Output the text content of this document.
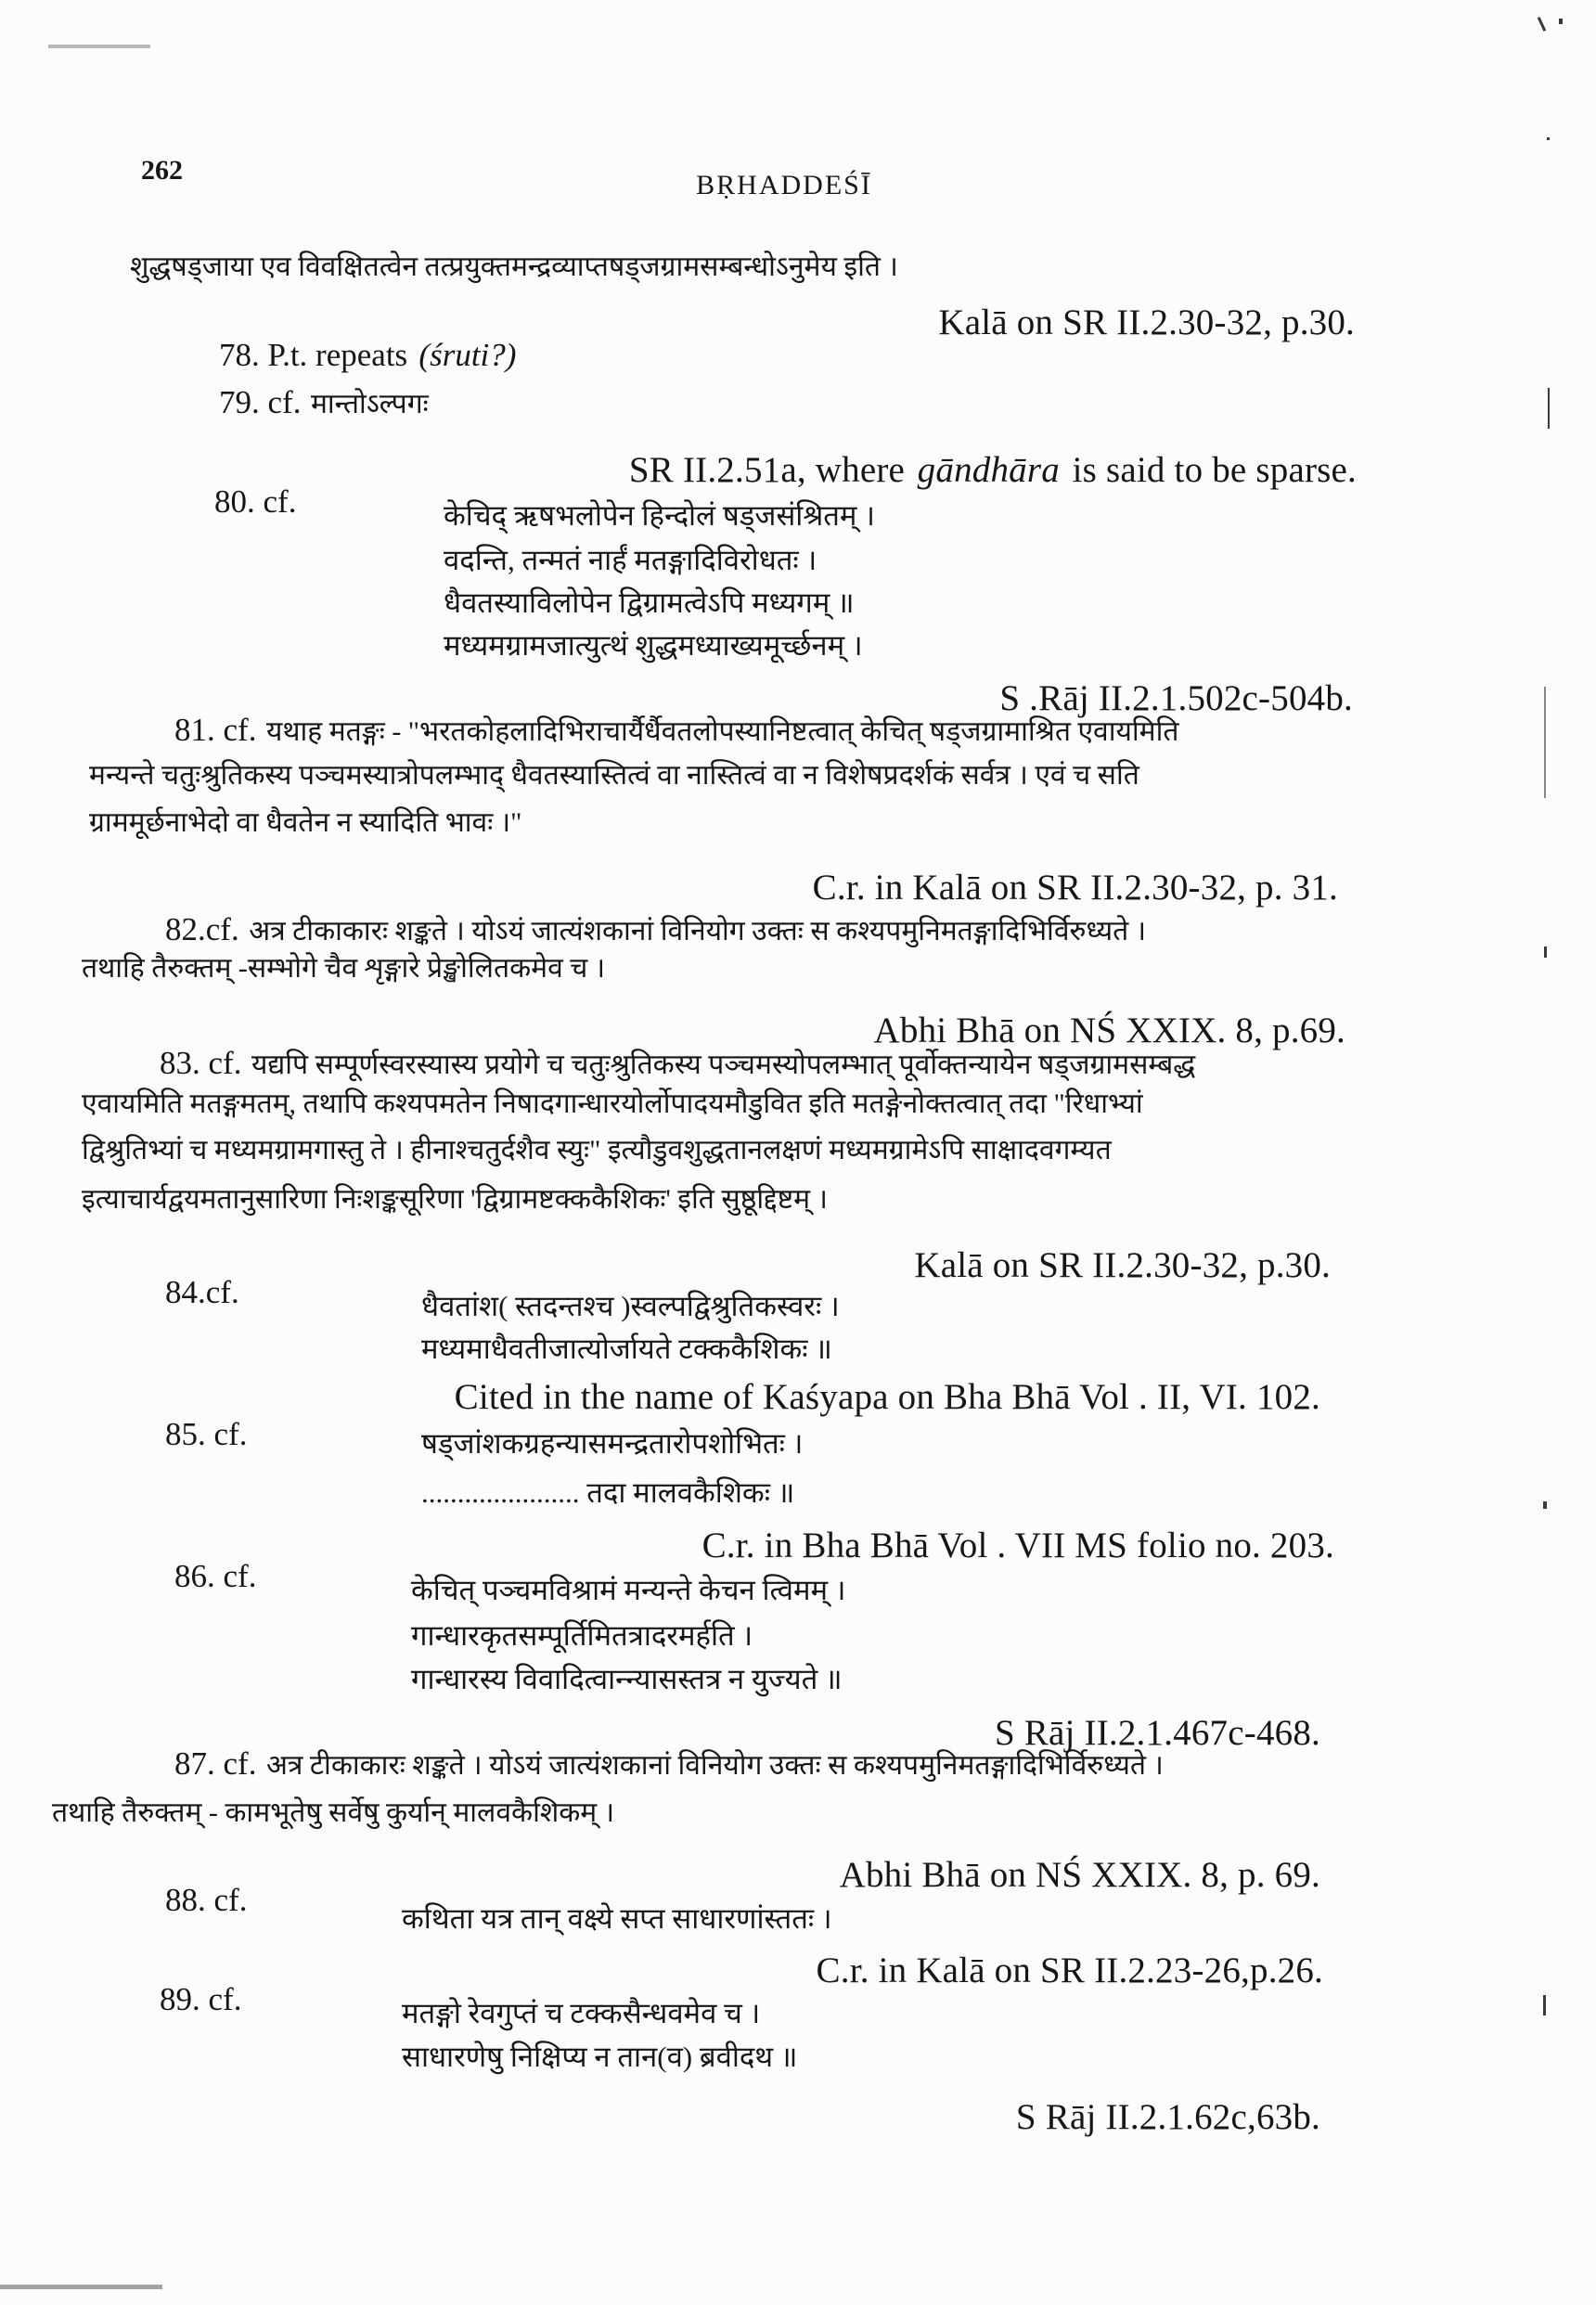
262	BṚHADDEŚĪ
शुद्धषड्जाया एव विवक्षितत्वेन तत्प्रयुक्तमन्द्रव्याप्तषड्जग्रामसम्बन्धोऽनुमेय इति ।
Kalā on SR II.2.30-32, p.30.
78. P.t. repeats (śruti?)
79. cf. मान्तोऽल्पगः
SR II.2.51a, where gāndhāra is said to be sparse.
80. cf.	केचिद् ऋषभलोपेन हिन्दोलं षड्जसंश्रितम् ।
वदन्ति, तन्मतं नार्हं मतङ्गादिविरोधतः ।
धैवतस्याविलोपेन द्विग्रामत्वेऽपि मध्यगम् ॥
मध्यमग्रामजात्युत्थं शुद्धमध्याख्यमूर्च्छनम् ।
S .Rāj II.2.1.502c-504b.
81. cf. यथाह मतङ्गः - "भरतकोहलादिभिराचार्यैर्धैवतलोपस्यानिष्टत्वात् केचित् षड्जग्रामाश्रित एवायमिति
मन्यन्ते चतुःश्रुतिकस्य पञ्चमस्यात्रोपलम्भाद् धैवतस्यास्तित्वं वा नास्तित्वं वा न विशेषप्रदर्शकं सर्वत्र । एवं च सति
ग्राममूर्छनाभेदो वा धैवतेन न स्यादिति भावः ।"
C.r. in Kalā on SR II.2.30-32, p. 31.
82.cf. अत्र टीकाकारः शङ्कते । योऽयं जात्यंशकानां विनियोग उक्तः स कश्यपमुनिमतङ्गादिभिर्विरुध्यते ।
तथाहि तैरुक्तम् -सम्भोगे चैव शृङ्गारे प्रेङ्खोलितकमेव च ।
Abhi Bhā on NŚ XXIX. 8, p.69.
83. cf. यद्यपि सम्पूर्णस्वरस्यास्य प्रयोगे च चतुःश्रुतिकस्य पञ्चमस्योपलम्भात् पूर्वोक्तन्यायेन षड्जग्रामसम्बद्ध
एवायमिति मतङ्गमतम्, तथापि कश्यपमतेन निषादगान्धारयोर्लोपादयमौडुवित इति मतङ्गेनोक्तत्वात् तदा "रिधाभ्यां
द्विश्रुतिभ्यां च मध्यमग्रामगास्तु ते । हीनाश्चतुर्दशैव स्युः" इत्यौडुवशुद्धतानलक्षणं मध्यमग्रामेऽपि साक्षादवगम्यत
इत्याचार्यद्वयमतानुसारिणा निःशङ्कसूरिणा 'द्विग्रामष्टक्ककैशिकः' इति सुष्ठूद्दिष्टम् ।
Kalā on SR II.2.30-32, p.30.
84.cf.	धैवतांश( स्तदन्तश्च )स्वल्पद्विश्रुतिकस्वरः ।
मध्यमाधैवतीजात्योर्जायते टक्ककैशिकः ॥
Cited in the name of Kaśyapa on Bha Bhā Vol . II, VI. 102.
85. cf.	षड्जांशकग्रहन्यासमन्द्रतारोपशोभितः ।
...................... तदा मालवकैशिकः ॥
C.r. in Bha Bhā Vol . VII MS folio no. 203.
86. cf.	केचित् पञ्चमविश्रामं मन्यन्ते केचन त्विमम् ।
गान्धारकृतसम्पूर्तिमितत्रादरमर्हति ।
गान्धारस्य विवादित्वान्न्यासस्तत्र न युज्यते ॥
S Rāj II.2.1.467c-468.
87. cf. अत्र टीकाकारः शङ्कते । योऽयं जात्यंशकानां विनियोग उक्तः स कश्यपमुनिमतङ्गादिभिर्विरुध्यते ।
तथाहि तैरुक्तम् - कामभूतेषु सर्वेषु कुर्यान् मालवकैशिकम् ।
Abhi Bhā on NŚ XXIX. 8, p. 69.
88. cf.
कथिता यत्र तान् वक्ष्ये सप्त साधारणांस्ततः ।
C.r. in Kalā on SR II.2.23-26,p.26.
89. cf.	मतङ्गो रेवगुप्तं च टक्कसैन्धवमेव च ।
साधारणेषु निक्षिप्य न तान(व) ब्रवीदथ ॥
S Rāj II.2.1.62c,63b.
